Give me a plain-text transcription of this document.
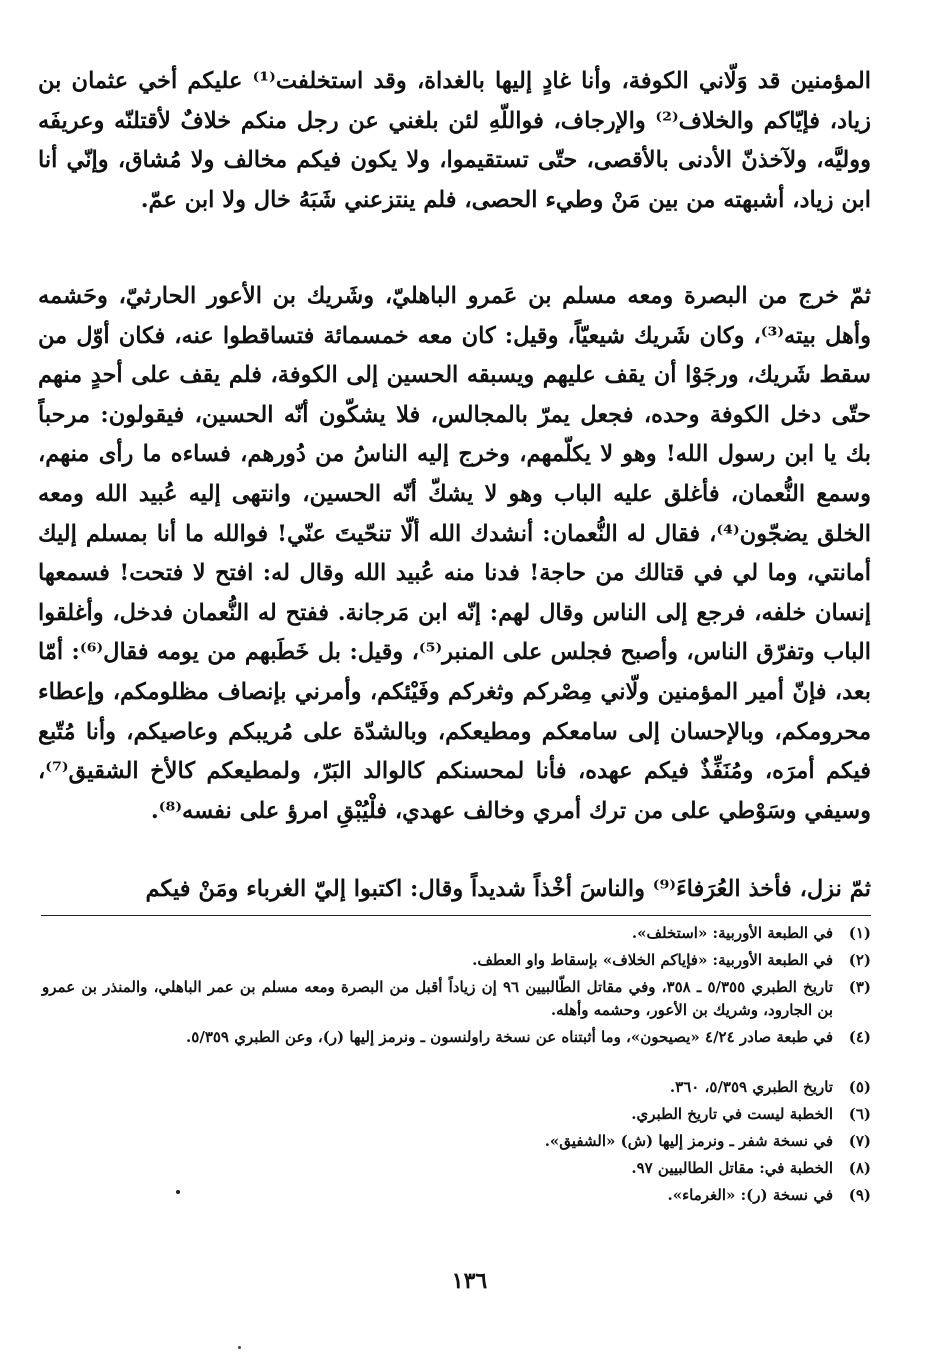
المؤمنين قد وَلّاني الكوفة، وأنا غادٍ إليها بالغداة، وقد استخلفت⁽¹⁾ عليكم أخي عثمان بن زياد، فإيّاكم والخلاف⁽²⁾ والإرجاف، فواللّهِ لئن بلغني عن رجل منكم خلافٌ لأقتلنّه وعريفَه ووليَّه، ولآخذنّ الأدنى بالأقصى، حتّى تستقيموا، ولا يكون فيكم مخالف ولا مُشاق، وإنّي أنا ابن زياد، أشبهته من بين مَنْ وطيء الحصى، فلم ينتزعني شَبَهُ خال ولا ابن عمّ.

ثمّ خرج من البصرة ومعه مسلم بن عَمرو الباهليّ، وشَريك بن الأعور الحارثيّ، وحَشمه وأهل بيته⁽³⁾، وكان شَريك شيعيّاً، وقيل: كان معه خمسمائة فتساقطوا عنه، فكان أوّل من سقط شَريك، ورجَوْا أن يقف عليهم ويسبقه الحسين إلى الكوفة، فلم يقف على أحدٍ منهم حتّى دخل الكوفة وحده، فجعل يمرّ بالمجالس، فلا يشكّون أنّه الحسين، فيقولون: مرحباً بك يا ابن رسول الله! وهو لا يكلّمهم، وخرج إليه الناسُ من دُورهم، فساءه ما رأى منهم، وسمع النُّعمان، فأغلق عليه الباب وهو لا يشكّ أنّه الحسين، وانتهى إليه عُبيد الله ومعه الخلق يضجّون⁽⁴⁾، فقال له النُّعمان: أنشدك الله ألّا تنحّيتَ عنّي! فوالله ما أنا بمسلم إليك أمانتي، وما لي في قتالك من حاجة! فدنا منه عُبيد الله وقال له: افتح لا فتحت! فسمعها إنسان خلفه، فرجع إلى الناس وقال لهم: إنّه ابن مَرجانة. ففتح له النُّعمان فدخل، وأغلقوا الباب وتفرّق الناس، وأصبح فجلس على المنبر⁽⁵⁾، وقيل: بل خَطَبهم من يومه فقال⁽⁶⁾: أمّا بعد، فإنّ أمير المؤمنين ولّاني مِصْركم وثغركم وفَيْئكم، وأمرني بإنصاف مظلومكم، وإعطاء محرومكم، وبالإحسان إلى سامعكم ومطيعكم، وبالشدّة على مُريبكم وعاصيكم، وأنا مُتّبع فيكم أمرَه، ومُنَفِّذٌ فيكم عهده، فأنا لمحسنكم كالوالد البَرّ، ولمطيعكم كالأخ الشقيق⁽⁷⁾، وسيفي وسَوْطي على من ترك أمري وخالف عهدي، فلْيُبْقِ امرؤ على نفسه⁽⁸⁾.

ثمّ نزل، فأخذ العُرَفاءَ⁽⁹⁾ والناسَ أخْذاً شديداً وقال: اكتبوا إليّ الغرباء ومَنْ فيكم

(١)
في الطبعة الأوربية: «استخلف».
(٢)
في الطبعة الأوربية: «فإياكم الخلاف» بإسقاط واو العطف.
(٣)
تاريخ الطبري ٥/٣٥٥ ـ ٣٥٨، وفي مقاتل الطّالبيين ٩٦ إن زياداً أقبل من البصرة ومعه مسلم بن عمر الباهلي، والمنذر بن عمرو بن الجارود، وشريك بن الأعور، وحشمه وأهله.
(٤)
في طبعة صادر ٤/٢٤ «يصيحون»، وما أثبتناه عن نسخة راولنسون ـ ونرمز إليها (ر)، وعن الطبري ٥/٣٥٩.
(٥)
تاريخ الطبري ٥/٣٥٩، ٣٦٠.
(٦)
الخطبة ليست في تاريخ الطبري.
(٧)
في نسخة شفر ـ ونرمز إليها (ش) «الشفيق».
(٨)
الخطبة في: مقاتل الطالبيين ٩٧.
(٩)
في نسخة (ر): «الغرماء».
١٣٦
